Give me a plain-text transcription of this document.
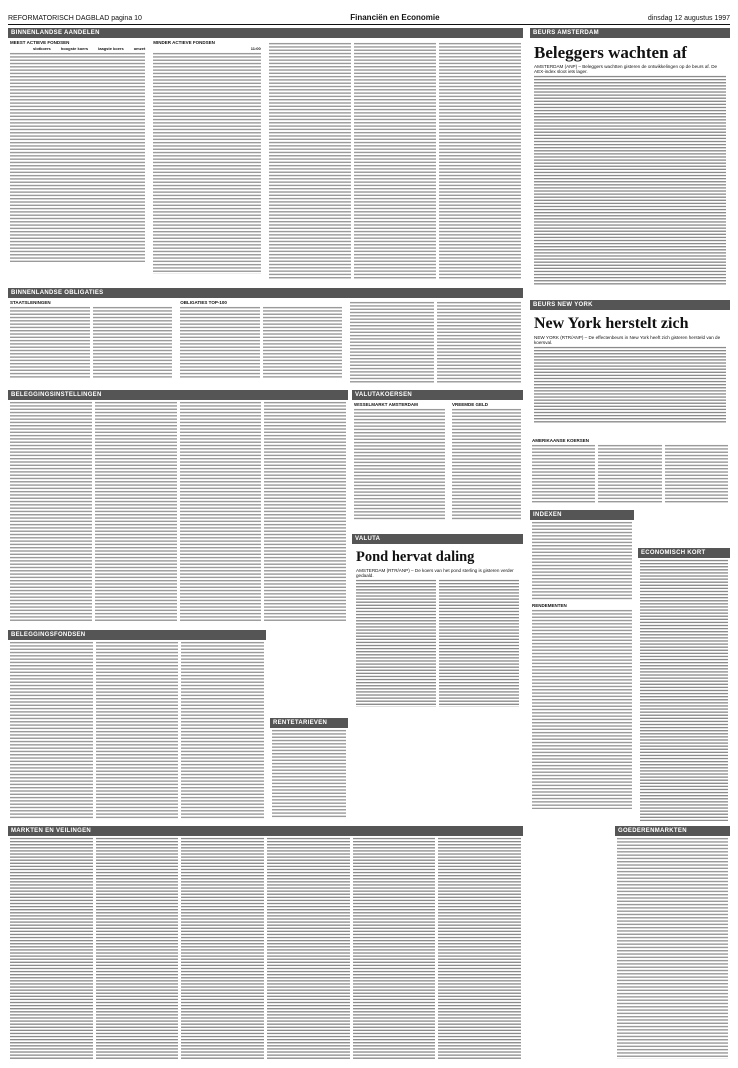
REFORMATORISCH DAGBLAD pagina 10	Financiën en Economie	dinsdag 12 augustus 1997
BINNENLANDSE AANDELEN
MEEST ACTIEVE FONDSEN
slotkoers	hoogste koers	laagste koers	omzet
MINDER ACTIEVE FONDSEN
11:00
BINNENLANDSE OBLIGATIES
STAATSLENINGEN	OBLIGATIES TOP-100
BELEGGINGSINSTELLINGEN
BELEGGINGSFONDSEN
RENTETARIEVEN
VALUTAKOERSEN
WISSELMARKT AMSTERDAM	VREEMDE GELD
VALUTA
Pond hervat daling
AMSTERDAM (RTR/ANP) – De koers van het pond sterling is gisteren verder gedaald.
MARKTEN EN VEILINGEN
BEURS AMSTERDAM
Beleggers wachten af
AMSTERDAM (ANP) – Beleggers wachtten gisteren de ontwikkelingen op de beurs af. De AEX-index sloot iets lager.
BEURS NEW YORK
New York herstelt zich
NEW YORK (RTR/ANP) – De effectenbeurs in New York heeft zich gisteren hersteld van de koersval.
AMERIKAANSE KOERSEN
INDEXEN
RENDEMENTEN
ECONOMISCH KORT
GOEDERENMARKTEN
